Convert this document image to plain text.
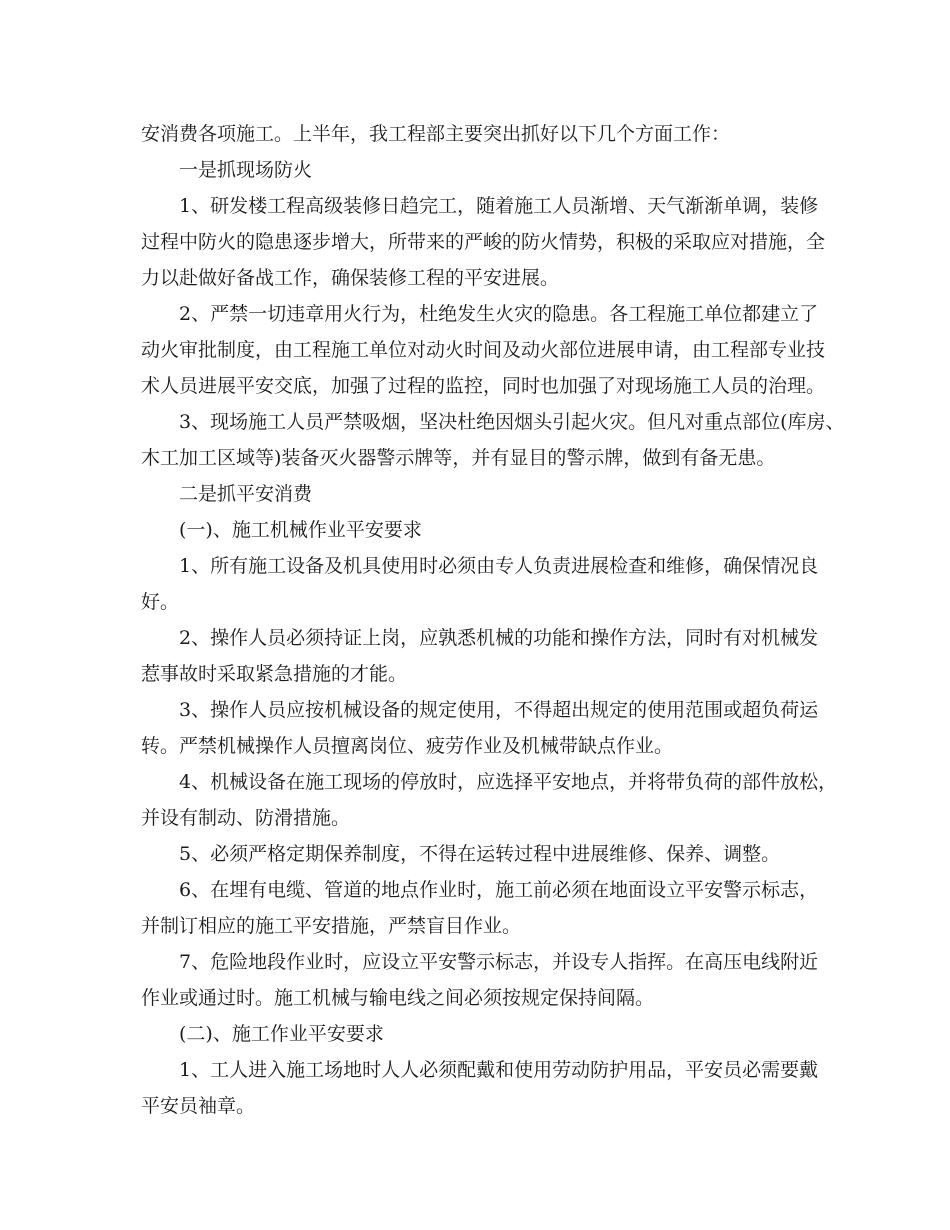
安消费各项施工。上半年，我工程部主要突出抓好以下几个方面工作：
一是抓现场防火
1、研发楼工程高级装修日趋完工，随着施工人员渐增、天气渐渐单调，装修
过程中防火的隐患逐步增大，所带来的严峻的防火情势，积极的采取应对措施，全
力以赴做好备战工作，确保装修工程的平安进展。
2、严禁一切违章用火行为，杜绝发生火灾的隐患。各工程施工单位都建立了
动火审批制度，由工程施工单位对动火时间及动火部位进展申请，由工程部专业技
术人员进展平安交底，加强了过程的监控，同时也加强了对现场施工人员的治理。
3、现场施工人员严禁吸烟，坚决杜绝因烟头引起火灾。但凡对重点部位(库房、
木工加工区域等)装备灭火器警示牌等，并有显目的警示牌，做到有备无患。
二是抓平安消费
(一)、施工机械作业平安要求
1、所有施工设备及机具使用时必须由专人负责进展检查和维修，确保情况良
好。
2、操作人员必须持证上岗，应孰悉机械的功能和操作方法，同时有对机械发
惹事故时采取紧急措施的才能。
3、操作人员应按机械设备的规定使用，不得超出规定的使用范围或超负荷运
转。严禁机械操作人员擅离岗位、疲劳作业及机械带缺点作业。
4、机械设备在施工现场的停放时，应选择平安地点，并将带负荷的部件放松，
并设有制动、防滑措施。
5、必须严格定期保养制度，不得在运转过程中进展维修、保养、调整。
6、在埋有电缆、管道的地点作业时，施工前必须在地面设立平安警示标志，
并制订相应的施工平安措施，严禁盲目作业。
7、危险地段作业时，应设立平安警示标志，并设专人指挥。在高压电线附近
作业或通过时。施工机械与输电线之间必须按规定保持间隔。
(二)、施工作业平安要求
1、工人进入施工场地时人人必须配戴和使用劳动防护用品，平安员必需要戴
平安员袖章。
